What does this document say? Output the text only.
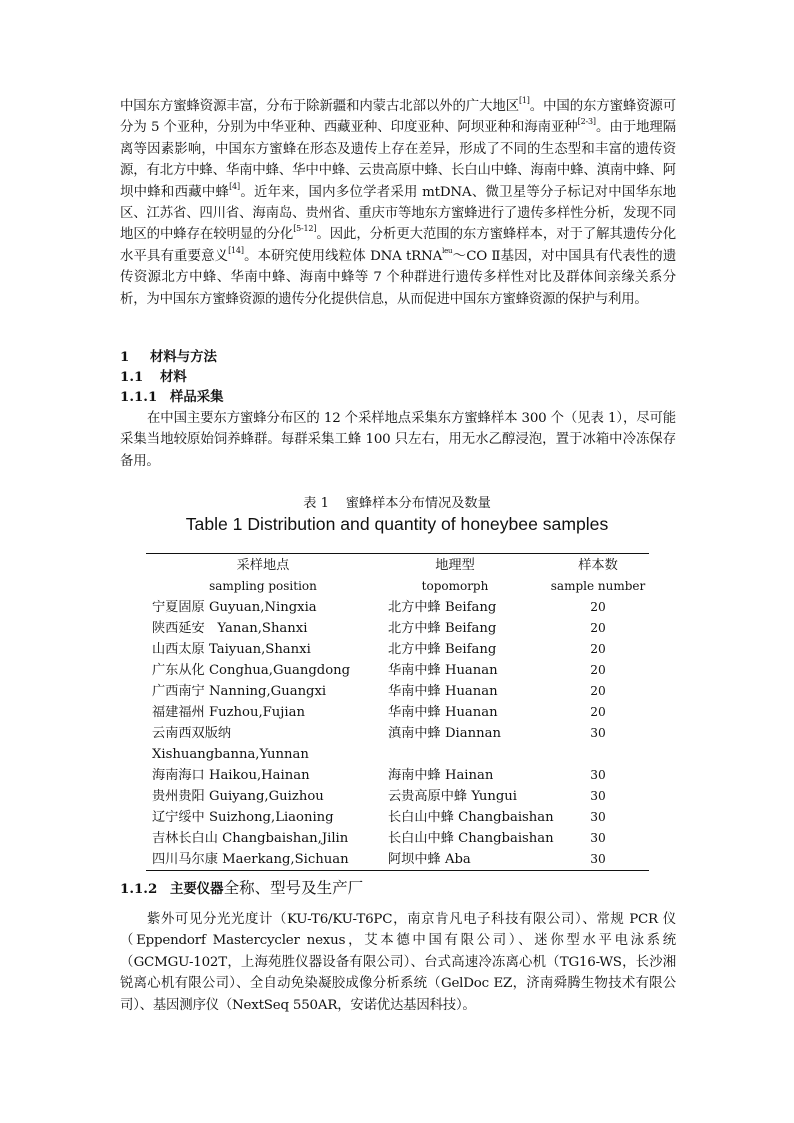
中国东方蜜蜂资源丰富，分布于除新疆和内蒙古北部以外的广大地区[1]。中国的东方蜜蜂资源可分为 5 个亚种，分别为中华亚种、西藏亚种、印度亚种、阿坝亚种和海南亚种[2-3]。由于地理隔离等因素影响，中国东方蜜蜂在形态及遗传上存在差异，形成了不同的生态型和丰富的遗传资源，有北方中蜂、华南中蜂、华中中蜂、云贵高原中蜂、长白山中蜂、海南中蜂、滇南中蜂、阿坝中蜂和西藏中蜂[4]。近年来，国内多位学者采用 mtDNA、微卫星等分子标记对中国华东地区、江苏省、四川省、海南岛、贵州省、重庆市等地东方蜜蜂进行了遗传多样性分析，发现不同地区的中蜂存在较明显的分化[5-12]。因此，分析更大范围的东方蜜蜂样本，对于了解其遗传分化水平具有重要意义[14]。本研究使用线粒体 DNA tRNA$^{leu}$～CO Ⅱ基因，对中国具有代表性的遗传资源北方中蜂、华南中蜂、海南中蜂等 7 个种群进行遗传多样性对比及群体间亲缘关系分析，为中国东方蜜蜂资源的遗传分化提供信息，从而促进中国东方蜜蜂资源的保护与利用。

1 材料与方法
1.1 材料
1.1.1 样品采集

在中国主要东方蜜蜂分布区的 12 个采样地点采集东方蜜蜂样本 300 个（见表 1），尽可能采集当地较原始饲养蜂群。每群采集工蜂 100 只左右，用无水乙醇浸泡，置于冰箱中冷冻保存备用。

表 1    蜜蜂样本分布情况及数量
Table 1 Distribution and quantity of honeybee samples
采样地点	地理型	样本数
sampling position	topomorph	sample number
宁夏固原 Guyuan,Ningxia	北方中蜂 Beifang	20
陕西延安   Yanan,Shanxi	北方中蜂 Beifang	20
山西太原 Taiyuan,Shanxi	北方中蜂 Beifang	20
广东从化 Conghua,Guangdong	华南中蜂 Huanan	20
广西南宁 Nanning,Guangxi	华南中蜂 Huanan	20
福建福州 Fuzhou,Fujian	华南中蜂 Huanan	20
云南西双版纳
Xishuangbanna,Yunnan
滇南中蜂 Diannan	30
海南海口 Haikou,Hainan	海南中蜂 Hainan	30
贵州贵阳 Guiyang,Guizhou	云贵高原中蜂 Yungui	30
辽宁绥中 Suizhong,Liaoning	长白山中蜂 Changbaishan	30
吉林长白山 Changbaishan,Jilin	长白山中蜂 Changbaishan	30
四川马尔康 Maerkang,Sichuan	阿坝中蜂 Aba	30
1.1.2 主要仪器全称、型号及生产厂

紫外可见分光光度计（KU-T6/KU-T6PC，南京肯凡电子科技有限公司）、常规 PCR 仪（Eppendorf Mastercycler nexus，艾本德中国有限公司）、迷你型水平电泳系统（GCMGU-102T，上海苑胜仪器设备有限公司）、台式高速冷冻离心机（TG16-WS，长沙湘锐离心机有限公司）、全自动免染凝胶成像分析系统（GelDoc EZ，济南舜腾生物技术有限公司）、基因测序仪（NextSeq 550AR，安诺优达基因科技）。
